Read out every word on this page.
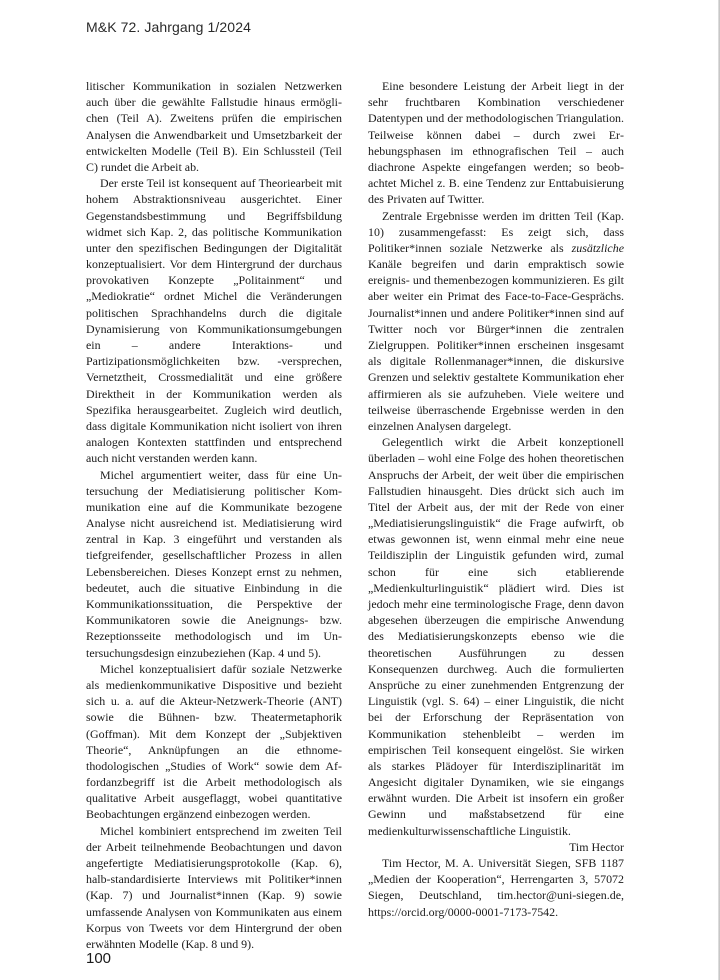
M&K 72. Jahrgang 1/2024

litischer Kommunikation in sozialen Netzwerken auch über die gewählte Fallstudie hinaus ermöglichen (Teil A). Zweitens prüfen die empirischen Analysen die Anwendbarkeit und Umsetzbarkeit der entwickelten Modelle (Teil B). Ein Schlussteil (Teil C) rundet die Arbeit ab.

Der erste Teil ist konsequent auf Theoriearbeit mit hohem Abstraktionsniveau ausgerichtet. Einer Gegenstandsbestimmung und Begriffsbildung widmet sich Kap. 2, das politische Kommunikation unter den spezifischen Bedingungen der Digitalität konzeptualisiert. Vor dem Hintergrund der durchaus provokativen Konzepte „Politainment“ und „Mediokratie“ ordnet Michel die Veränderungen politischen Sprachhandelns durch die digitale Dynamisierung von Kommunikationsumgebungen ein – andere Interaktions- und Partizipationsmöglichkeiten bzw. -versprechen, Vernetztheit, Crossmedialität und eine größere Direktheit in der Kommunikation werden als Spezifika herausgearbeitet. Zugleich wird deutlich, dass digitale Kommunikation nicht isoliert von ihren analogen Kontexten stattfinden und entsprechend auch nicht verstanden werden kann.

Michel argumentiert weiter, dass für eine Untersuchung der Mediatisierung politischer Kommunikation eine auf die Kommunikate bezogene Analyse nicht ausreichend ist. Mediatisierung wird zentral in Kap. 3 eingeführt und verstanden als tiefgreifender, gesellschaftlicher Prozess in allen Lebensbereichen. Dieses Konzept ernst zu nehmen, bedeutet, auch die situative Einbindung in die Kommunikationssituation, die Perspektive der Kommunikatoren sowie die Aneignungs- bzw. Rezeptionsseite methodologisch und im Untersuchungsdesign einzubeziehen (Kap. 4 und 5).

Michel konzeptualisiert dafür soziale Netzwerke als medienkommunikative Dispositive und bezieht sich u. a. auf die Akteur-Netzwerk-Theorie (ANT) sowie die Bühnen- bzw. Theatermetaphorik (Goffman). Mit dem Konzept der „Subjektiven Theorie“, Anknüpfungen an die ethnomethodologischen „Studies of Work“ sowie dem Affordanzbegriff ist die Arbeit methodologisch als qualitative Arbeit ausgeflaggt, wobei quantitative Beobachtungen ergänzend einbezogen werden.

Michel kombiniert entsprechend im zweiten Teil der Arbeit teilnehmende Beobachtungen und davon angefertigte Mediatisierungsprotokolle (Kap. 6), halb-standardisierte Interviews mit Politiker*innen (Kap. 7) und Journalist*innen (Kap. 9) sowie umfassende Analysen von Kommunikaten aus einem Korpus von Tweets vor dem Hintergrund der oben erwähnten Modelle (Kap. 8 und 9).

Eine besondere Leistung der Arbeit liegt in der sehr fruchtbaren Kombination verschiedener Datentypen und der methodologischen Triangulation. Teilweise können dabei – durch zwei Erhebungsphasen im ethnografischen Teil – auch diachrone Aspekte eingefangen werden; so beobachtet Michel z. B. eine Tendenz zur Enttabuisierung des Privaten auf Twitter.

Zentrale Ergebnisse werden im dritten Teil (Kap. 10) zusammengefasst: Es zeigt sich, dass Politiker*innen soziale Netzwerke als zusätzliche Kanäle begreifen und darin empraktisch sowie ereignis- und themenbezogen kommunizieren. Es gilt aber weiter ein Primat des Face-to-Face-Gesprächs. Journalist*innen und andere Politiker*innen sind auf Twitter noch vor Bürger*innen die zentralen Zielgruppen. Politiker*innen erscheinen insgesamt als digitale Rollenmanager*innen, die diskursive Grenzen und selektiv gestaltete Kommunikation eher affirmieren als sie aufzuheben. Viele weitere und teilweise überraschende Ergebnisse werden in den einzelnen Analysen dargelegt.

Gelegentlich wirkt die Arbeit konzeptionell überladen – wohl eine Folge des hohen theoretischen Anspruchs der Arbeit, der weit über die empirischen Fallstudien hinausgeht. Dies drückt sich auch im Titel der Arbeit aus, der mit der Rede von einer „Mediatisierungslinguistik“ die Frage aufwirft, ob etwas gewonnen ist, wenn einmal mehr eine neue Teildisziplin der Linguistik gefunden wird, zumal schon für eine sich etablierende „Medienkulturlinguistik“ plädiert wird. Dies ist jedoch mehr eine terminologische Frage, denn davon abgesehen überzeugen die empirische Anwendung des Mediatisierungskonzepts ebenso wie die theoretischen Ausführungen zu dessen Konsequenzen durchweg. Auch die formulierten Ansprüche zu einer zunehmenden Entgrenzung der Linguistik (vgl. S. 64) – einer Linguistik, die nicht bei der Erforschung der Repräsentation von Kommunikation stehenbleibt – werden im empirischen Teil konsequent eingelöst. Sie wirken als starkes Plädoyer für Interdisziplinarität im Angesicht digitaler Dynamiken, wie sie eingangs erwähnt wurden. Die Arbeit ist insofern ein großer Gewinn und maßstabsetzend für eine medienkulturwissenschaftliche Linguistik.

Tim Hector

Tim Hector, M. A. Universität Siegen, SFB 1187 „Medien der Kooperation“, Herrengarten 3, 57072 Siegen, Deutschland, tim.hector@uni-siegen.de, https://orcid.org/0000-0001-7173-7542.

100
